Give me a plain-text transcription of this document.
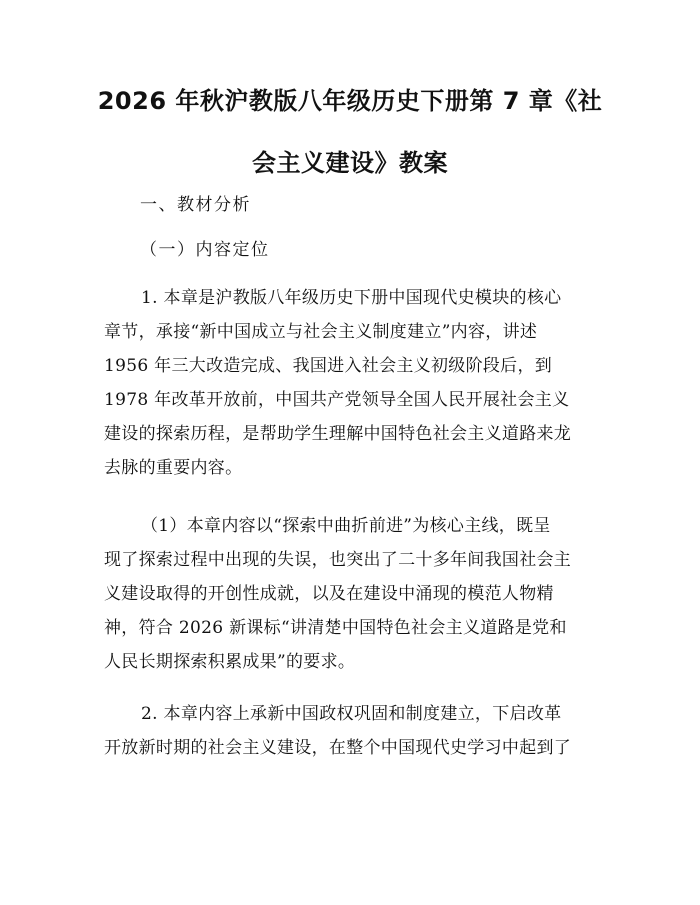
2026 年秋沪教版八年级历史下册第 7 章《社
会主义建设》教案

一、教材分析

（一）内容定位

1. 本章是沪教版八年级历史下册中国现代史模块的核心
章节，承接“新中国成立与社会主义制度建立”内容，讲述
1956 年三大改造完成、我国进入社会主义初级阶段后，到
1978 年改革开放前，中国共产党领导全国人民开展社会主义
建设的探索历程，是帮助学生理解中国特色社会主义道路来龙
去脉的重要内容。
（1）本章内容以“探索中曲折前进”为核心主线，既呈
现了探索过程中出现的失误，也突出了二十多年间我国社会主
义建设取得的开创性成就，以及在建设中涌现的模范人物精
神，符合 2026 新课标“讲清楚中国特色社会主义道路是党和
人民长期探索积累成果”的要求。
2. 本章内容上承新中国政权巩固和制度建立，下启改革
开放新时期的社会主义建设，在整个中国现代史学习中起到了
